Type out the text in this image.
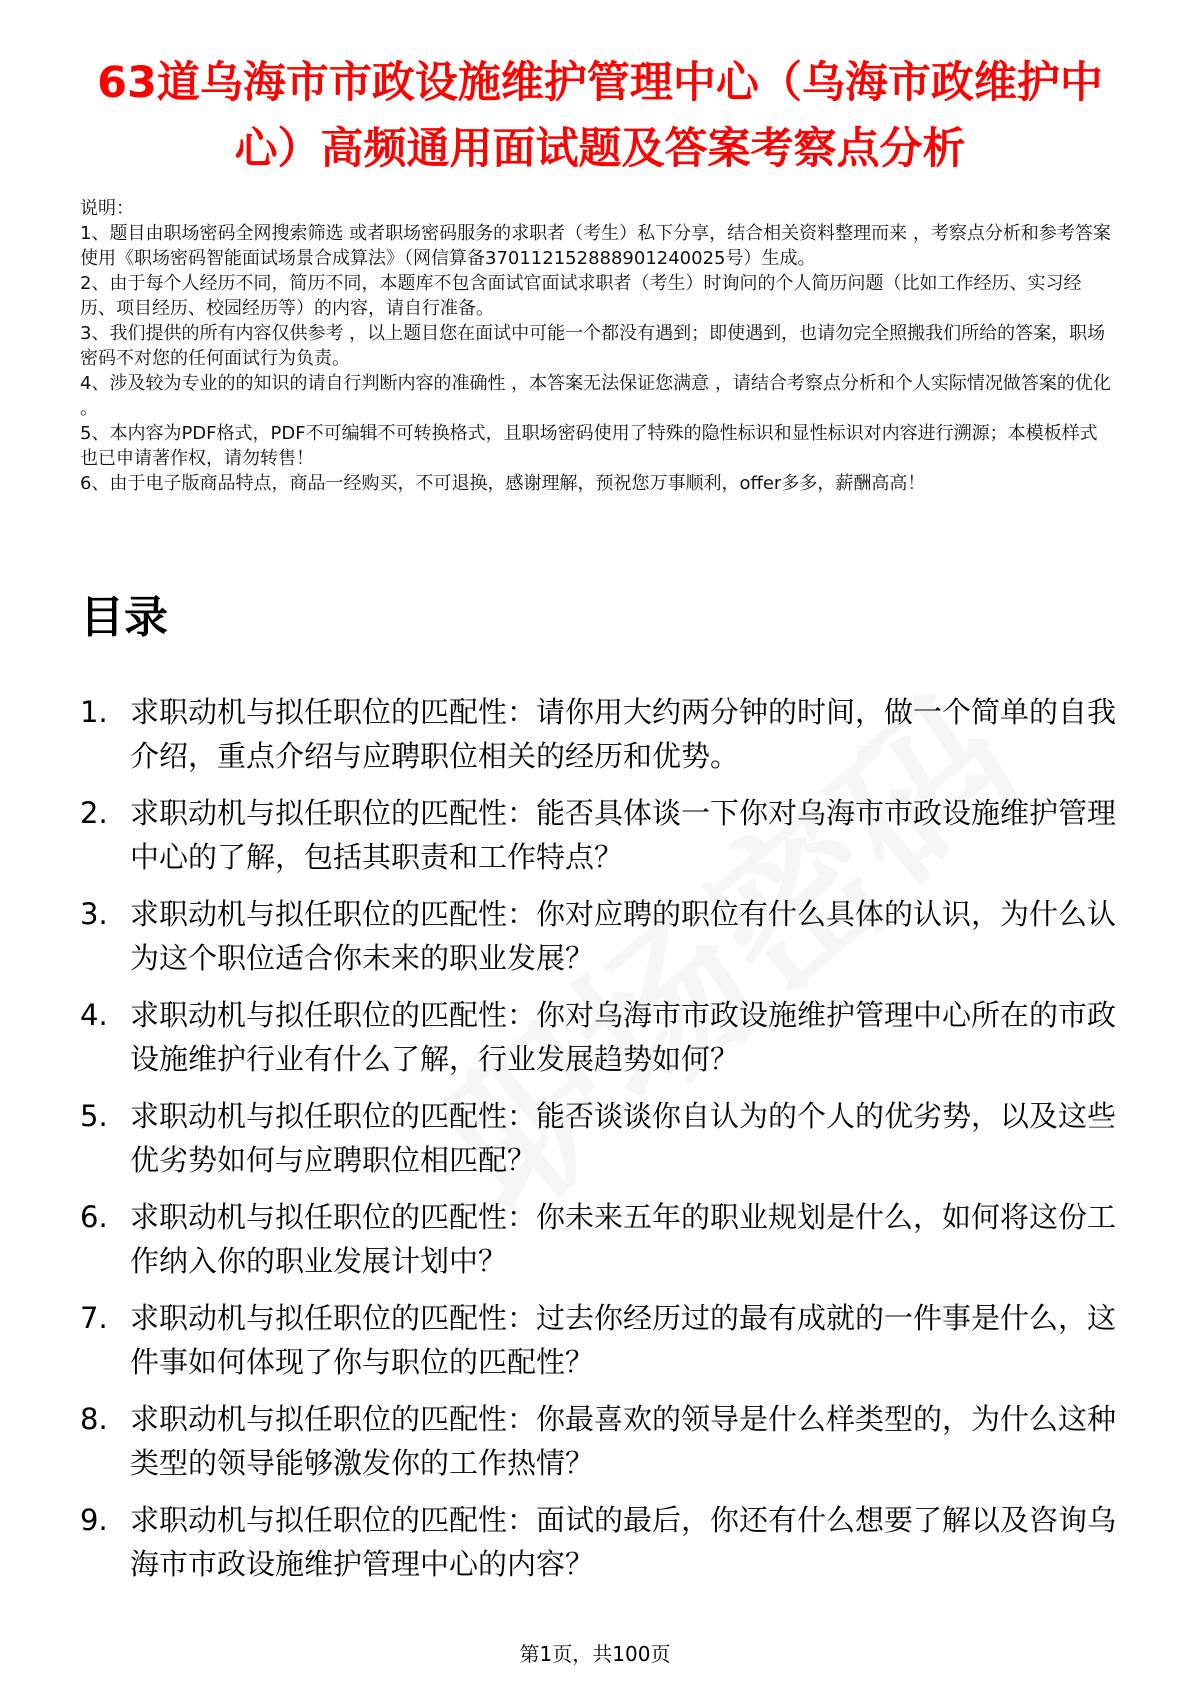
63道乌海市市政设施维护管理中心（乌海市政维护中心）高频通用面试题及答案考察点分析

说明：

1、题目由职场密码全网搜索筛选 或者职场密码服务的求职者（考生）私下分享，结合相关资料整理而来 ，考察点分析和参考答案使用《职场密码智能面试场景合成算法》（网信算备370112152888901240025号）生成。

2、由于每个人经历不同，简历不同，本题库不包含面试官面试求职者（考生）时询问的个人简历问题（比如工作经历、实习经历、项目经历、校园经历等）的内容，请自行准备。

3、我们提供的所有内容仅供参考 ，以上题目您在面试中可能一个都没有遇到；即使遇到，也请勿完全照搬我们所给的答案，职场密码不对您的任何面试行为负责。

4、涉及较为专业的的知识的请自行判断内容的准确性 ，本答案无法保证您满意 ，请结合考察点分析和个人实际情况做答案的优化 。

5、本内容为PDF格式，PDF不可编辑不可转换格式，且职场密码使用了特殊的隐性标识和显性标识对内容进行溯源；本模板样式也已申请著作权，请勿转售！

6、由于电子版商品特点，商品一经购买，不可退换，感谢理解，预祝您万事顺利，offer多多，薪酬高高！

目录
1. 求职动机与拟任职位的匹配性：请你用大约两分钟的时间，做一个简单的自我介绍，重点介绍与应聘职位相关的经历和优势。
2. 求职动机与拟任职位的匹配性：能否具体谈一下你对乌海市市政设施维护管理中心的了解，包括其职责和工作特点？
3. 求职动机与拟任职位的匹配性：你对应聘的职位有什么具体的认识，为什么认为这个职位适合你未来的职业发展？
4. 求职动机与拟任职位的匹配性：你对乌海市市政设施维护管理中心所在的市政设施维护行业有什么了解，行业发展趋势如何？
5. 求职动机与拟任职位的匹配性：能否谈谈你自认为的个人的优劣势，以及这些优劣势如何与应聘职位相匹配？
6. 求职动机与拟任职位的匹配性：你未来五年的职业规划是什么，如何将这份工作纳入你的职业发展计划中？
7. 求职动机与拟任职位的匹配性：过去你经历过的最有成就的一件事是什么，这件事如何体现了你与职位的匹配性？
8. 求职动机与拟任职位的匹配性：你最喜欢的领导是什么样类型的，为什么这种类型的领导能够激发你的工作热情？
9. 求职动机与拟任职位的匹配性：面试的最后，你还有什么想要了解以及咨询乌海市市政设施维护管理中心的内容？
第1页，共100页
